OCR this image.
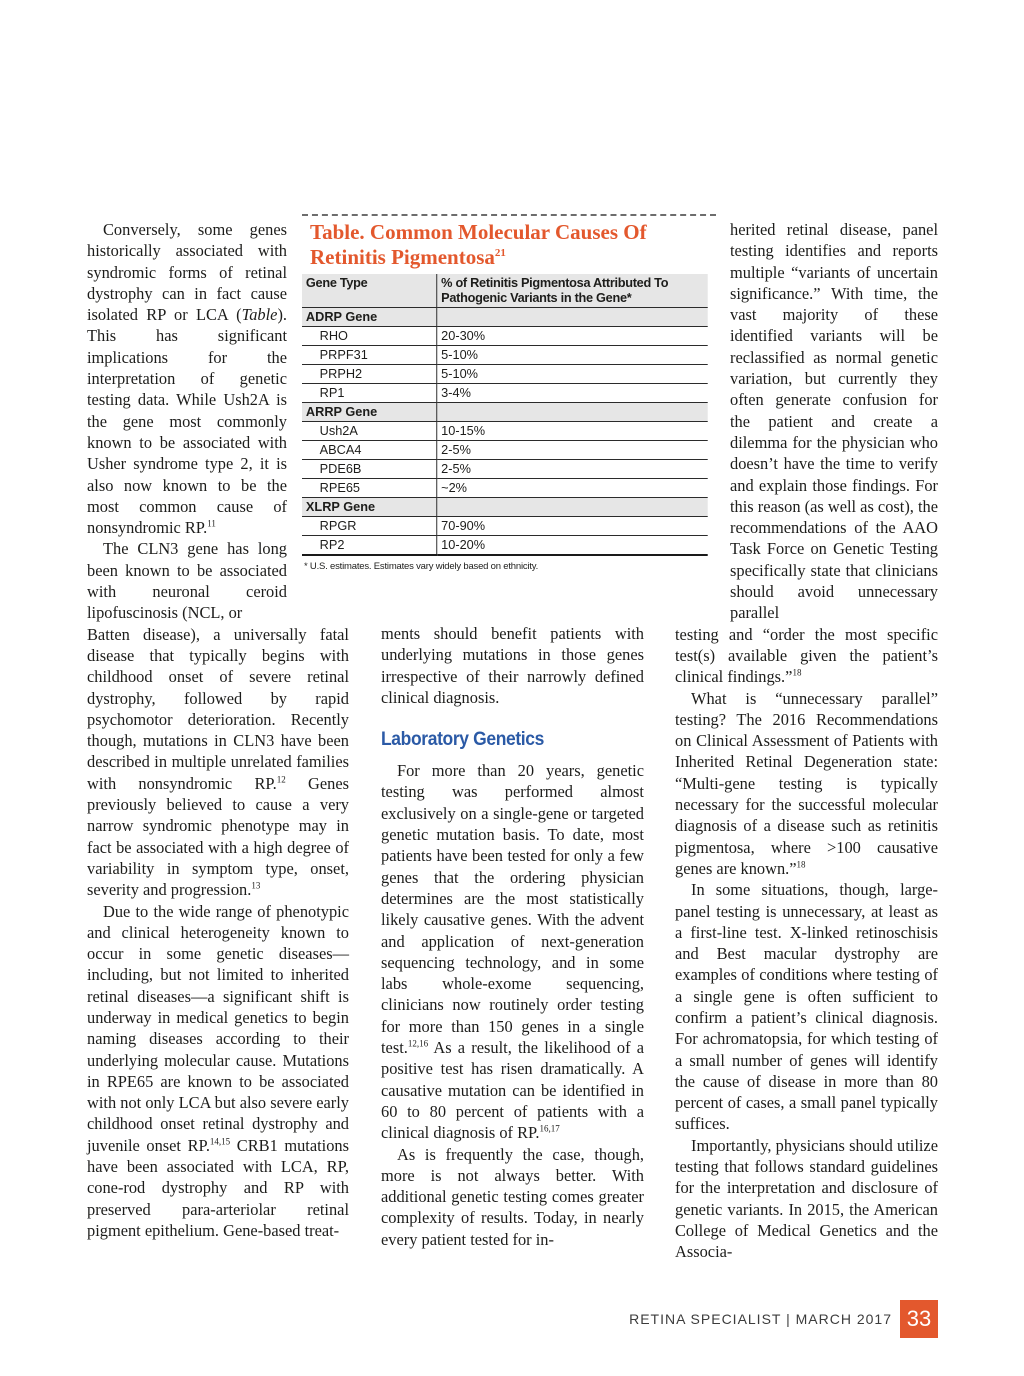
Conversely, some genes historically associated with syndromic forms of retinal dystrophy can in fact cause isolated RP or LCA (Table). This has significant implications for the interpretation of genetic testing data. While Ush2A is the gene most commonly known to be associated with Usher syndrome type 2, it is also now known to be the most common cause of nonsyndromic RP.$^{11}$

The CLN3 gene has long been known to be associated with neuronal ceroid lipofuscinosis (NCL, or

Batten disease), a universally fatal disease that typically begins with childhood onset of severe retinal dystrophy, followed by rapid psychomotor deterioration. Recently though, mutations in CLN3 have been described in multiple unrelated families with nonsyndromic RP.$^{12}$ Genes previously believed to cause a very narrow syndromic phenotype may in fact be associated with a high degree of variability in symptom type, onset, severity and progression.$^{13}$

Due to the wide range of phenotypic and clinical heterogeneity known to occur in some genetic diseases—including, but not limited to inherited retinal diseases—a significant shift is underway in medical genetics to begin naming diseases according to their underlying molecular cause. Mutations in RPE65 are known to be associated with not only LCA but also severe early childhood onset retinal dystrophy and juvenile onset RP.$^{14,15}$ CRB1 mutations have been associated with LCA, RP, cone-rod dystrophy and RP with preserved para-arteriolar retinal pigment epithelium. Gene-based treat-

Table. Common Molecular Causes Of Retinitis Pigmentosa$^{21}$
Gene Type	% of Retinitis Pigmentosa Attributed To Pathogenic Variants in the Gene*
ADRP Gene	
RHO	20-30%
PRPF31	5-10%
PRPH2	5-10%
RP1	3-4%
ARRP Gene	
Ush2A	10-15%
ABCA4	2-5%
PDE6B	2-5%
RPE65	~2%
XLRP Gene	
RPGR	70-90%
RP2	10-20%
* U.S. estimates. Estimates vary widely based on ethnicity.

ments should benefit patients with underlying mutations in those genes irrespective of their narrowly defined clinical diagnosis.

Laboratory Genetics

For more than 20 years, genetic testing was performed almost exclusively on a single-gene or targeted genetic mutation basis. To date, most patients have been tested for only a few genes that the ordering physician determines are the most statistically likely causative genes. With the advent and application of next-generation sequencing technology, and in some labs whole-exome sequencing, clinicians now routinely order testing for more than 150 genes in a single test.$^{12,16}$ As a result, the likelihood of a positive test has risen dramatically. A causative mutation can be identified in 60 to 80 percent of patients with a clinical diagnosis of RP.$^{16,17}$

As is frequently the case, though, more is not always better. With additional genetic testing comes greater complexity of results. Today, in nearly every patient tested for in-

herited retinal disease, panel testing identifies and reports multiple “variants of uncertain significance.” With time, the vast majority of these identified variants will be reclassified as normal genetic variation, but currently they often generate confusion for the patient and create a dilemma for the physician who doesn’t have the time to verify and explain those findings. For this reason (as well as cost), the recommendations of the AAO Task Force on Genetic Testing specifically state that clinicians should avoid unnecessary parallel

testing and “order the most specific test(s) available given the patient’s clinical findings.”$^{18}$

What is “unnecessary parallel” testing? The 2016 Recommendations on Clinical Assessment of Patients with Inherited Retinal Degeneration state: “Multi-gene testing is typically necessary for the successful molecular diagnosis of a disease such as retinitis pigmentosa, where >100 causative genes are known.”$^{18}$

In some situations, though, large-panel testing is unnecessary, at least as a first-line test. X-linked retinoschisis and Best macular dystrophy are examples of conditions where testing of a single gene is often sufficient to confirm a patient’s clinical diagnosis. For achromatopsia, for which testing of a small number of genes will identify the cause of disease in more than 80 percent of cases, a small panel typically suffices.

Importantly, physicians should utilize testing that follows standard guidelines for the interpretation and disclosure of genetic variants. In 2015, the American College of Medical Genetics and the Associa-

RETINA SPECIALIST | MARCH 2017 33
